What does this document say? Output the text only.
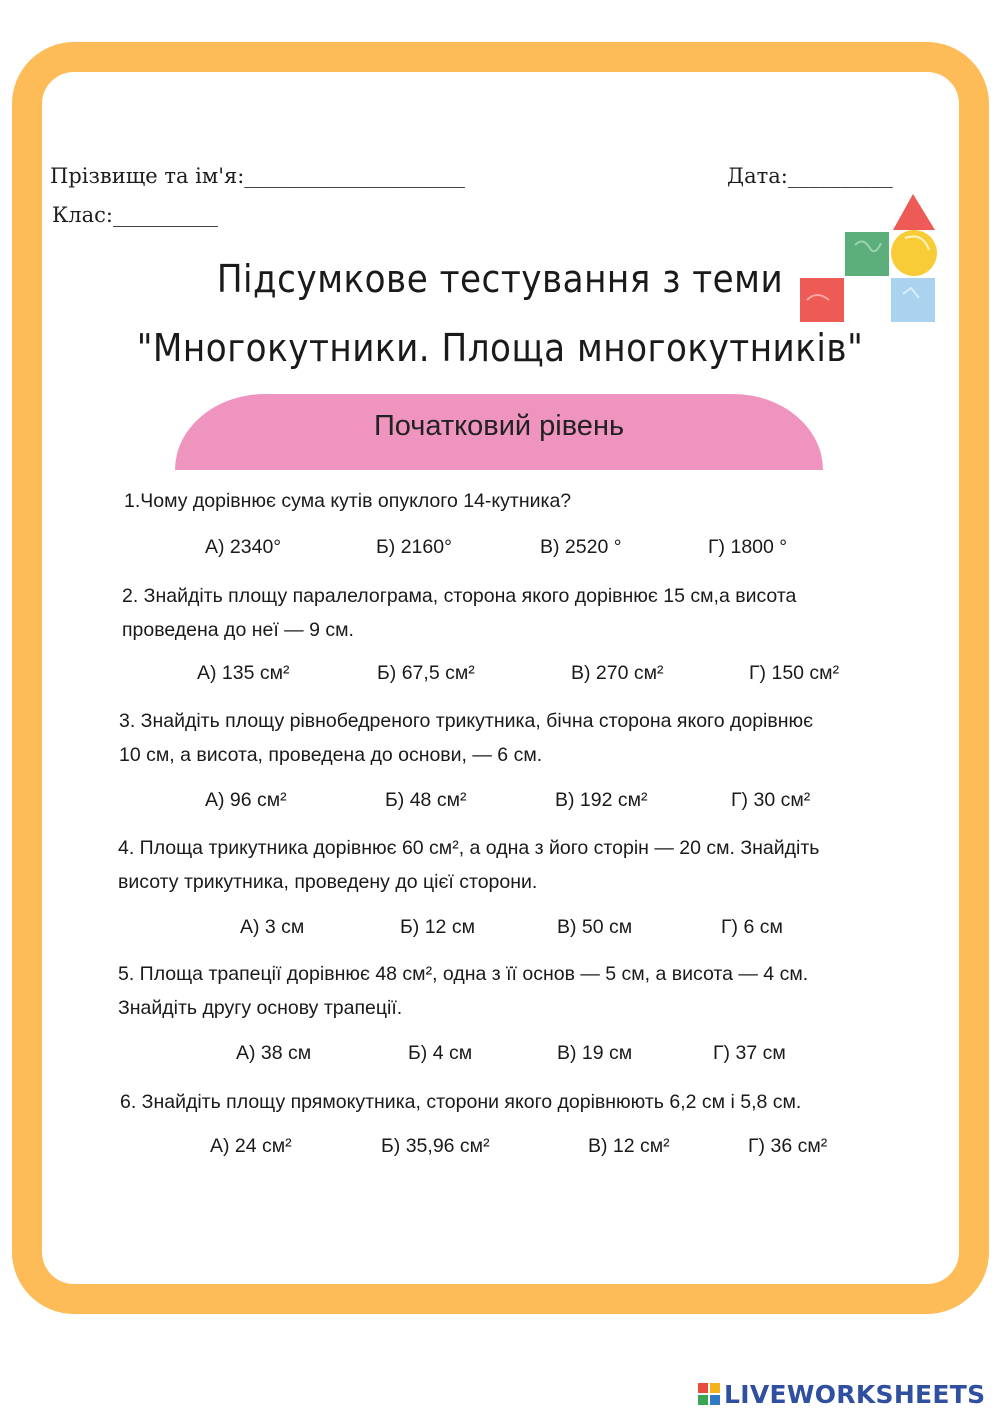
Прізвище та ім'я:_____________________	Дата:__________
Клас:__________
Підсумкове тестування з теми
"Многокутники. Площа многокутників"
Початковий рівень
1.Чому дорівнює сума кутів опуклого 14-кутника?
А) 2340°	Б) 2160°	В) 2520 °	Г) 1800 °
2. Знайдіть площу паралелограма, сторона якого дорівнює 15 см,а висота
проведена до неї — 9 см.
А) 135 см²	Б) 67,5 см²	В) 270 см²	Г) 150 см²
3. Знайдіть площу рівнобедреного трикутника, бічна сторона якого дорівнює
10 см, а висота, проведена до основи, — 6 см.
А) 96 см²	Б) 48 см²	В) 192 см²	Г) 30 см²
4. Площа трикутника дорівнює 60 см², а одна з його сторін — 20 см. Знайдіть
висоту трикутника, проведену до цієї сторони.
А) 3 см	Б) 12 см	В) 50 см	Г) 6 см
5. Площа трапеції дорівнює 48 см², одна з її основ — 5 см, а висота — 4 см.
Знайдіть другу основу трапеції.
А) 38 см	Б) 4 см	В) 19 см	Г) 37 см
6. Знайдіть площу прямокутника, сторони якого дорівнюють 6,2 см і 5,8 см.
А) 24 см²	Б) 35,96 см²	В) 12 см²	Г) 36 см²
LIVEWORKSHEETS
